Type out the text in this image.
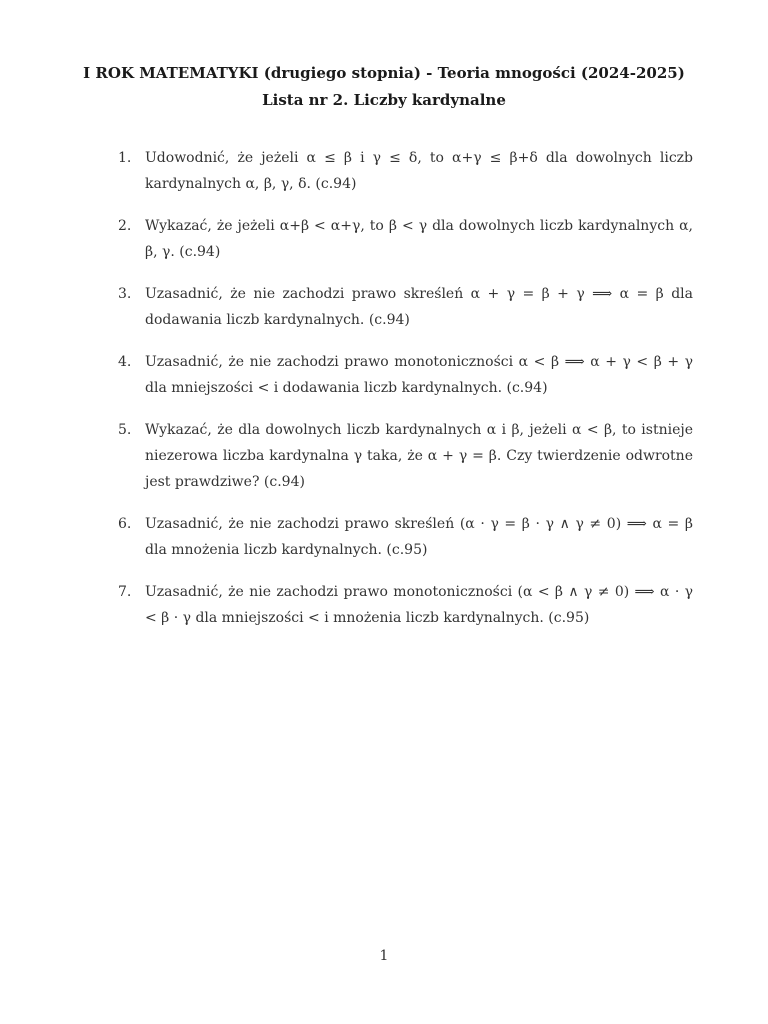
I ROK MATEMATYKI (drugiego stopnia) - Teoria mnogości (2024-2025)
Lista nr 2. Liczby kardynalne
1. Udowodnić, że jeżeli α ≤ β i γ ≤ δ, to α+γ ≤ β+δ dla dowolnych liczb kardynalnych α, β, γ, δ. (c.94)
2. Wykazać, że jeżeli α+β < α+γ, to β < γ dla dowolnych liczb kardynalnych α, β, γ. (c.94)
3. Uzasadnić, że nie zachodzi prawo skreśleń α + γ = β + γ ⟹ α = β dla dodawania liczb kardynalnych. (c.94)
4. Uzasadnić, że nie zachodzi prawo monotoniczności α < β ⟹ α + γ < β + γ dla mniejszości < i dodawania liczb kardynalnych. (c.94)
5. Wykazać, że dla dowolnych liczb kardynalnych α i β, jeżeli α < β, to istnieje niezerowa liczba kardynalna γ taka, że α + γ = β. Czy twierdzenie odwrotne jest prawdziwe? (c.94)
6. Uzasadnić, że nie zachodzi prawo skreśleń (α · γ = β · γ ∧ γ ≠ 0) ⟹ α = β dla mnożenia liczb kardynalnych. (c.95)
7. Uzasadnić, że nie zachodzi prawo monotoniczności (α < β ∧ γ ≠ 0) ⟹ α · γ < β · γ dla mniejszości < i mnożenia liczb kardynalnych. (c.95)
1
